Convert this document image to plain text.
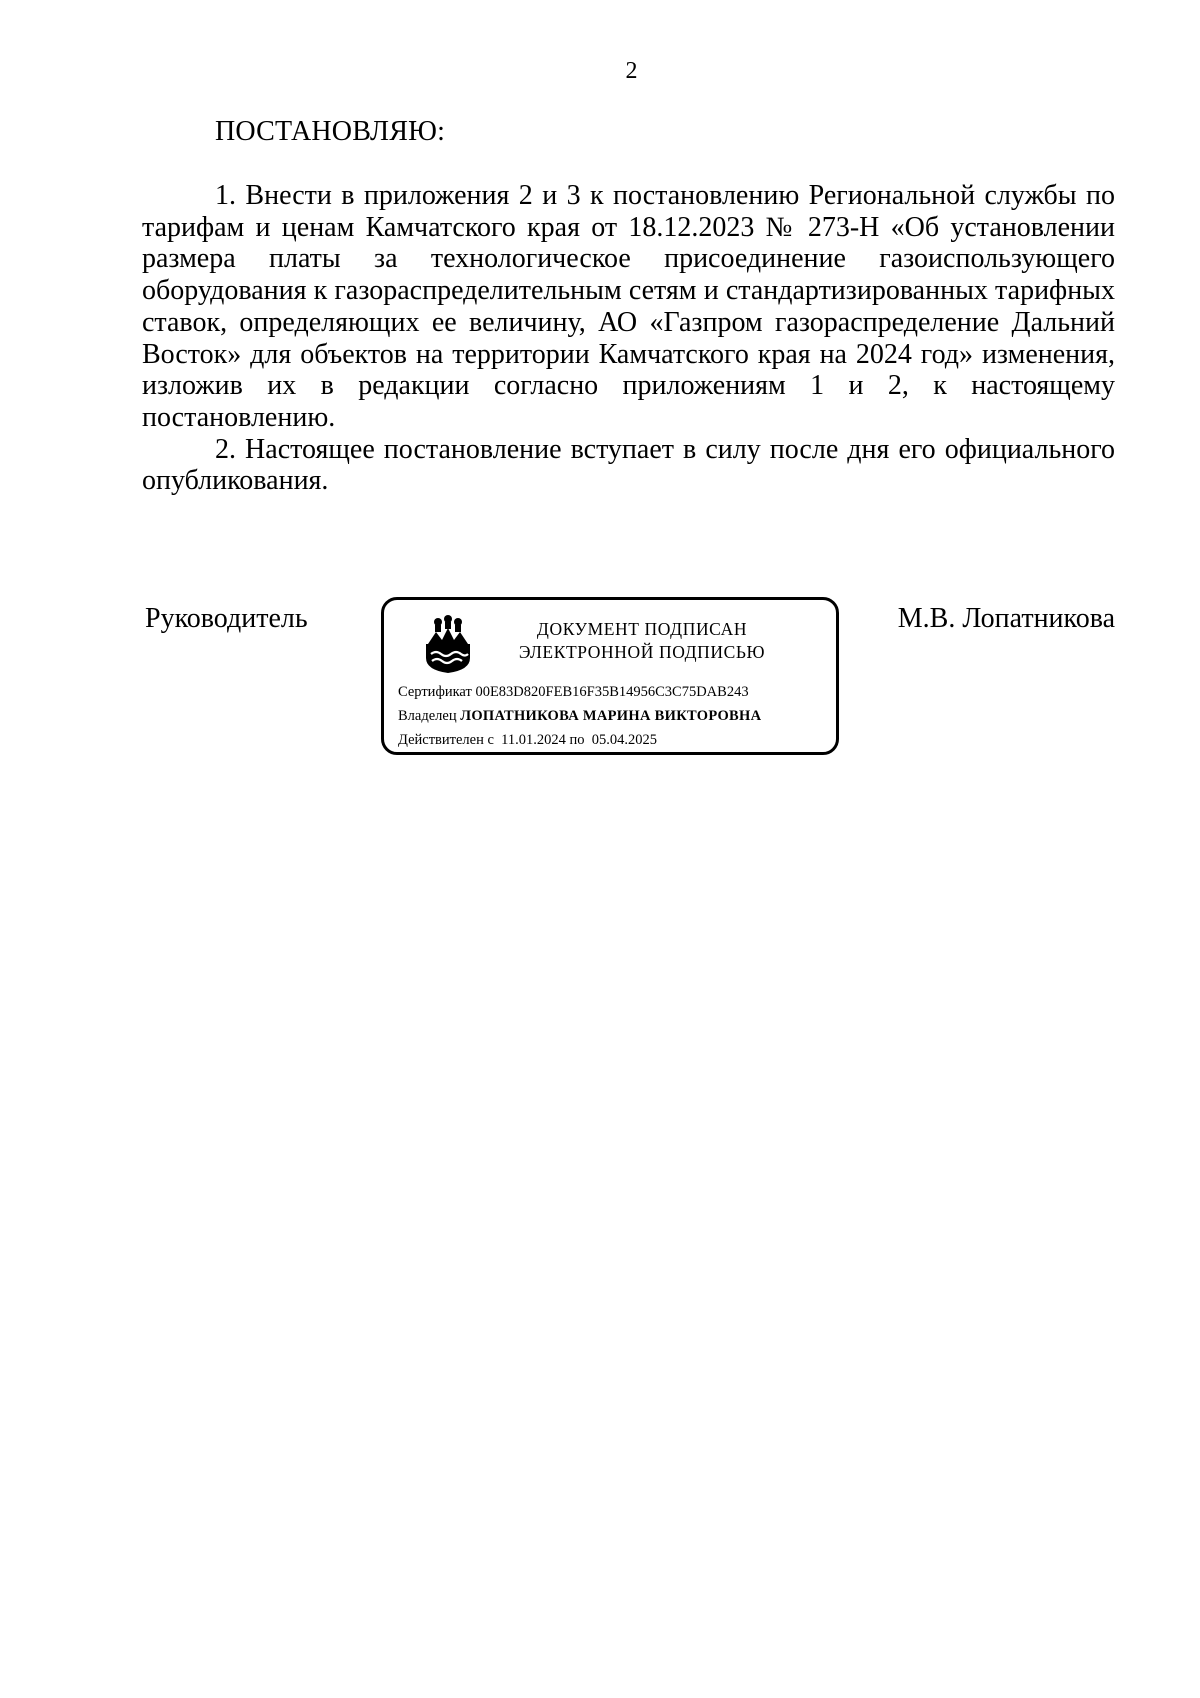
2
ПОСТАНОВЛЯЮ:

1. Внести в приложения 2 и 3 к постановлению Региональной службы по тарифам и ценам Камчатского края от 18.12.2023 № 273-Н «Об установлении размера платы за технологическое присоединение газоиспользующего оборудования к газораспределительным сетям и стандартизированных тарифных ставок, определяющих ее величину, АО «Газпром газораспределение Дальний Восток» для объектов на территории Камчатского края на 2024 год» изменения, изложив их в редакции согласно приложениям 1 и 2, к настоящему постановлению.

2. Настоящее постановление вступает в силу после дня его официального опубликования.

Руководитель	ДОКУМЕНТ ПОДПИСАН
ЭЛЕКТРОННОЙ ПОДПИСЬЮ
Сертификат 00E83D820FEB16F35B14956C3C75DAB243
Владелец ЛОПАТНИКОВА МАРИНА ВИКТОРОВНА
Действителен с 11.01.2024 по 05.04.2025
М.В. Лопатникова
